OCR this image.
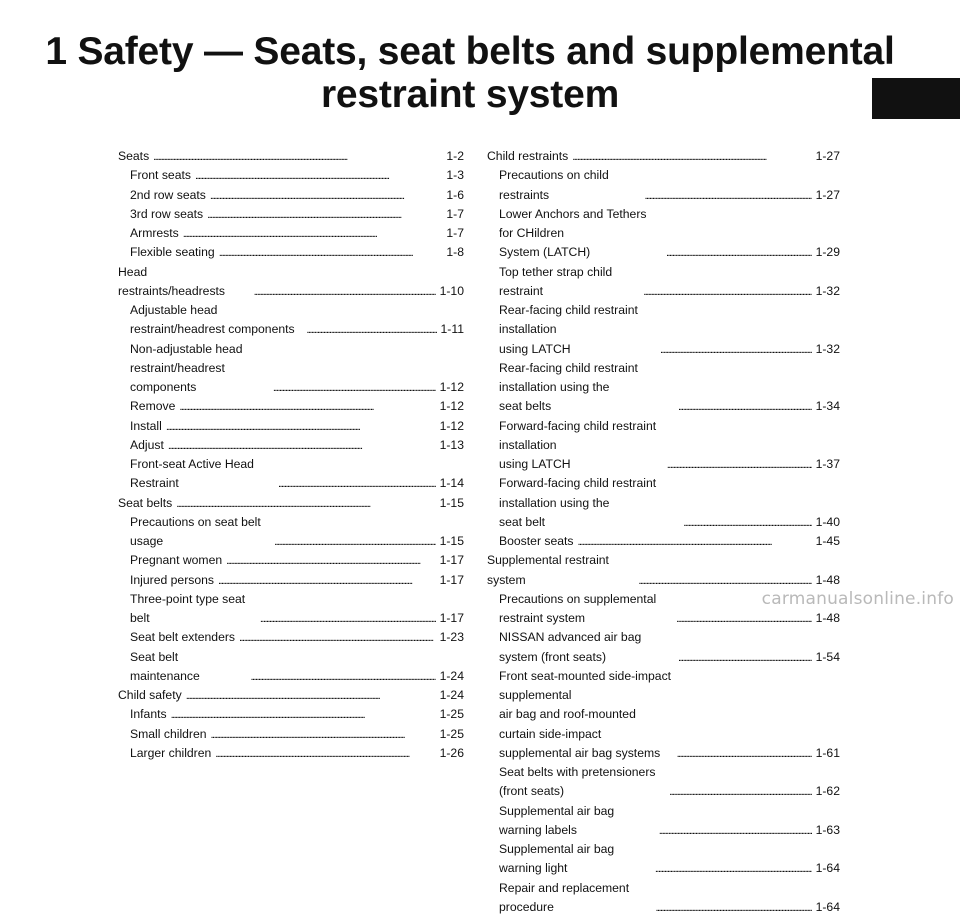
1 Safety — Seats, seat belts and supplemental
restraint system
Seats . . .	1-2
Front seats . . .	1-3
2nd row seats . . .	1-6
3rd row seats . . .	1-7
Armrests . . .	1-7
Flexible seating . . .	1-8
Head restraints/headrests . . .	1-10
Adjustable head restraint/headrest components . . .	1-11
Non-adjustable head
restraint/headrest components . . .	1-12
Remove . . .	1-12
Install . . .	1-12
Adjust . . .	1-13
Front-seat Active Head Restraint . . .	1-14
Seat belts . . .	1-15
Precautions on seat belt usage . . .	1-15
Pregnant women . . .	1-17
Injured persons . . .	1-17
Three-point type seat belt . . .	1-17
Seat belt extenders . . .	1-23
Seat belt maintenance . . .	1-24
Child safety . . .	1-24
Infants . . .	1-25
Small children . . .	1-25
Larger children . . .	1-26
Child restraints . . .	1-27
Precautions on child restraints . . .	1-27
Lower Anchors and Tethers for CHildren
System (LATCH) . . .	1-29
Top tether strap child restraint . . .	1-32
Rear-facing child restraint installation
using LATCH . . .	1-32
Rear-facing child restraint installation using the
seat belts . . .	1-34
Forward-facing child restraint installation
using LATCH . . .	1-37
Forward-facing child restraint installation using the
seat belt . . .	1-40
Booster seats . . .	1-45
Supplemental restraint system . . .	1-48
Precautions on supplemental restraint system . . .	1-48
NISSAN advanced air bag system (front seats) . . .	1-54
Front seat-mounted side-impact supplemental
air bag and roof-mounted curtain side-impact
supplemental air bag systems . . .	1-61
Seat belts with pretensioners (front seats) . . .	1-62
Supplemental air bag warning labels . . .	1-63
Supplemental air bag warning light . . .	1-64
Repair and replacement procedure . . .	1-64
carmanualsonline.info
